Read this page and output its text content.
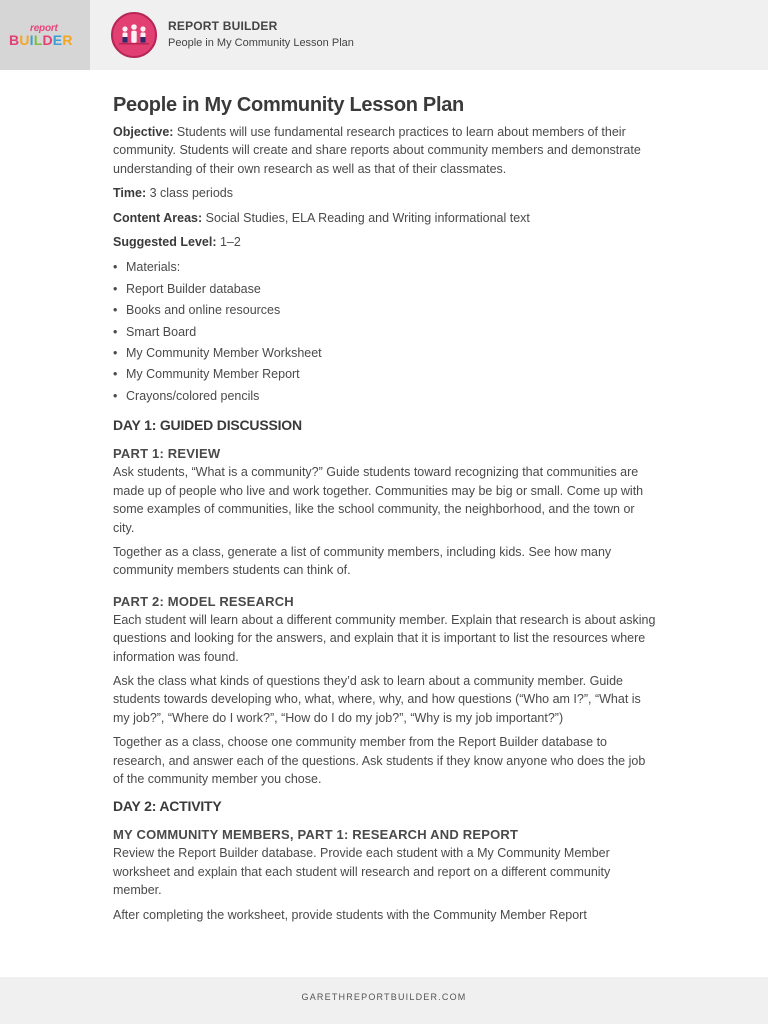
report
BUILDER
REPORT BUILDER
People in My Community Lesson Plan
People in My Community Lesson Plan

Objective: Students will use fundamental research practices to learn about members of their community. Students will create and share reports about community members and demonstrate understanding of their own research as well as that of their classmates.

Time: 3 class periods

Content Areas: Social Studies, ELA Reading and Writing informational text

Suggested Level: 1–2

• Materials:
• Report Builder database
• Books and online resources
• Smart Board
• My Community Member Worksheet
• My Community Member Report
• Crayons/colored pencils
DAY 1: GUIDED DISCUSSION
PART 1: REVIEW

Ask students, “What is a community?” Guide students toward recognizing that communities are made up of people who live and work together. Communities may be big or small. Come up with some examples of communities, like the school community, the neighborhood, and the town or city.

Together as a class, generate a list of community members, including kids. See how many community members students can think of.

PART 2: MODEL RESEARCH

Each student will learn about a different community member. Explain that research is about asking questions and looking for the answers, and explain that it is important to list the resources where information was found.

Ask the class what kinds of questions they’d ask to learn about a community member. Guide students towards developing who, what, where, why, and how questions (“Who am I?”, “What is my job?”, “Where do I work?”, “How do I do my job?”, “Why is my job important?”)

Together as a class, choose one community member from the Report Builder database to research, and answer each of the questions. Ask students if they know anyone who does the job of the community member you chose.

DAY 2: ACTIVITY
MY COMMUNITY MEMBERS, PART 1: RESEARCH AND REPORT

Review the Report Builder database. Provide each student with a My Community Member worksheet and explain that each student will research and report on a different community member.

After completing the worksheet, provide students with the Community Member Report

GARETHREPORTBUILDER.COM
